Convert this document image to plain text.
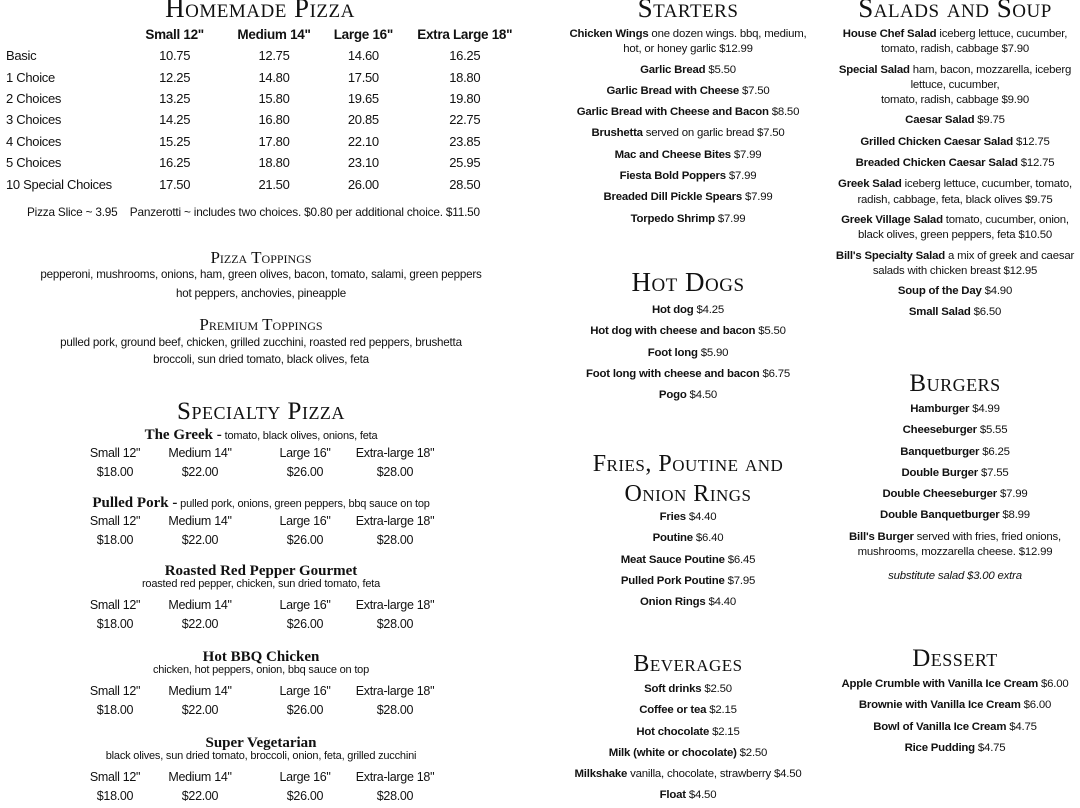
Homemade Pizza
	Small 12"	Medium 14"	Large 16"	Extra Large 18"
Basic	10.75	12.75	14.60	16.25
1 Choice	12.25	14.80	17.50	18.80
2 Choices	13.25	15.80	19.65	19.80
3 Choices	14.25	16.80	20.85	22.75
4 Choices	15.25	17.80	22.10	23.85
5 Choices	16.25	18.80	23.10	25.95
10 Special Choices	17.50	21.50	26.00	28.50
Pizza Slice ~ 3.95    Panzerotti ~ includes two choices. $0.80 per additional choice. $11.50
Pizza Toppings
pepperoni, mushrooms, onions, ham, green olives, bacon, tomato, salami, green peppers
hot peppers, anchovies, pineapple
Premium Toppings
pulled pork, ground beef, chicken, grilled zucchini, roasted red peppers, brushetta
broccoli, sun dried tomato, black olives, feta
Specialty Pizza
The Greek - tomato, black olives, onions, feta
Small 12"	Medium 14"	Large 16"	Extra-large 18"
$18.00	$22.00	$26.00	$28.00
Pulled Pork - pulled pork, onions, green peppers, bbq sauce on top
Small 12"	Medium 14"	Large 16"	Extra-large 18"
$18.00	$22.00	$26.00	$28.00
Roasted Red Pepper Gourmet
roasted red pepper, chicken, sun dried tomato, feta
Small 12"	Medium 14"	Large 16"	Extra-large 18"
$18.00	$22.00	$26.00	$28.00
Hot BBQ Chicken
chicken, hot peppers, onion, bbq sauce on top
Small 12"	Medium 14"	Large 16"	Extra-large 18"
$18.00	$22.00	$26.00	$28.00
Super Vegetarian
black olives, sun dried tomato, broccoli, onion, feta, grilled zucchini
Small 12"	Medium 14"	Large 16"	Extra-large 18"
$18.00	$22.00	$26.00	$28.00
Starters
Chicken Wings one dozen wings. bbq, medium,
hot, or honey garlic $12.99
Garlic Bread $5.50
Garlic Bread with Cheese $7.50
Garlic Bread with Cheese and Bacon $8.50
Brushetta served on garlic bread $7.50
Mac and Cheese Bites $7.99
Fiesta Bold Poppers $7.99
Breaded Dill Pickle Spears $7.99
Torpedo Shrimp $7.99
Hot Dogs
Hot dog $4.25
Hot dog with cheese and bacon $5.50
Foot long $5.90
Foot long with cheese and bacon $6.75
Pogo $4.50
Fries, Poutine and
Onion Rings
Fries $4.40
Poutine $6.40
Meat Sauce Poutine $6.45
Pulled Pork Poutine $7.95
Onion Rings $4.40
Beverages
Soft drinks $2.50
Coffee or tea $2.15
Hot chocolate $2.15
Milk (white or chocolate) $2.50
Milkshake vanilla, chocolate, strawberry $4.50
Float $4.50
Salads and Soup
House Chef Salad iceberg lettuce, cucumber,
tomato, radish, cabbage $7.90
Special Salad ham, bacon, mozzarella, iceberg
lettuce, cucumber,
tomato, radish, cabbage $9.90
Caesar Salad $9.75
Grilled Chicken Caesar Salad $12.75
Breaded Chicken Caesar Salad $12.75
Greek Salad iceberg lettuce, cucumber, tomato,
radish, cabbage, feta, black olives $9.75
Greek Village Salad tomato, cucumber, onion,
black olives, green peppers, feta $10.50
Bill's Specialty Salad a mix of greek and caesar
salads with chicken breast $12.95
Soup of the Day $4.90
Small Salad $6.50
Burgers
Hamburger $4.99
Cheeseburger $5.55
Banquetburger $6.25
Double Burger $7.55
Double Cheeseburger $7.99
Double Banquetburger $8.99
Bill's Burger served with fries, fried onions,
mushrooms, mozzarella cheese. $12.99
substitute salad $3.00 extra
Dessert
Apple Crumble with Vanilla Ice Cream $6.00
Brownie with Vanilla Ice Cream $6.00
Bowl of Vanilla Ice Cream $4.75
Rice Pudding $4.75
